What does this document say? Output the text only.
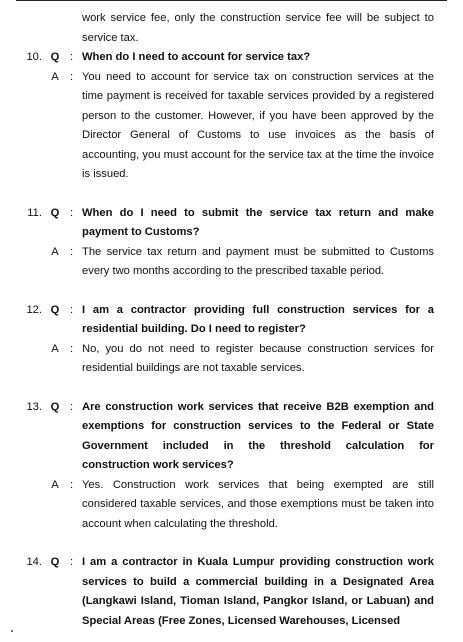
work service fee, only the construction service fee will be subject to service tax.
10. Q : When do I need to account for service tax?
A	: You need to account for service tax on construction services at the time payment is received for taxable services provided by a registered person to the customer. However, if you have been approved by the Director General of Customs to use invoices as the basis of accounting, you must account for the service tax at the time the invoice is issued.
11. Q : When do I need to submit the service tax return and make payment to Customs?
A	: The service tax return and payment must be submitted to Customs every two months according to the prescribed taxable period.
12. Q : I am a contractor providing full construction services for a residential building. Do I need to register?
A	: No, you do not need to register because construction services for residential buildings are not taxable services.
13. Q : Are construction work services that receive B2B exemption and exemptions for construction services to the Federal or State Government included in the threshold calculation for construction work services?
A	: Yes. Construction work services that being exempted are still considered taxable services, and those exemptions must be taken into account when calculating the threshold.
14. Q : I am a contractor in Kuala Lumpur providing construction work services to build a commercial building in a Designated Area (Langkawi Island, Tioman Island, Pangkor Island, or Labuan) and Special Areas (Free Zones, Licensed Warehouses, Licensed
